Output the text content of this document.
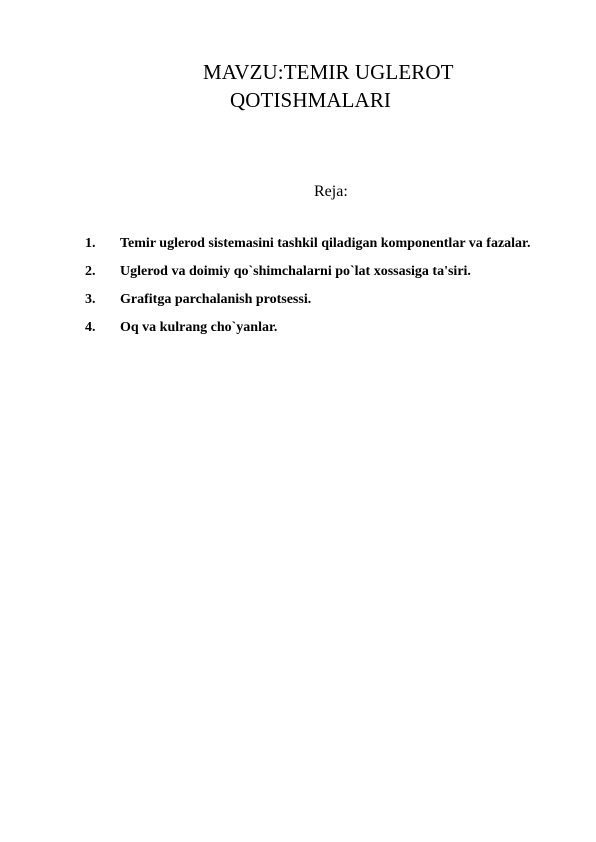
MAVZU:TEMIR UGLEROT
QOTISHMALARI
Reja:
1. Temir uglerod sistemasini tashkil qiladigan komponentlar va fazalar.
2.	Uglerod va doimiy qo`shimchalarni po`lat xossasiga ta'siri.
3.	Grafitga parchalanish protsessi.
4.	Oq va kulrang cho`yanlar.
